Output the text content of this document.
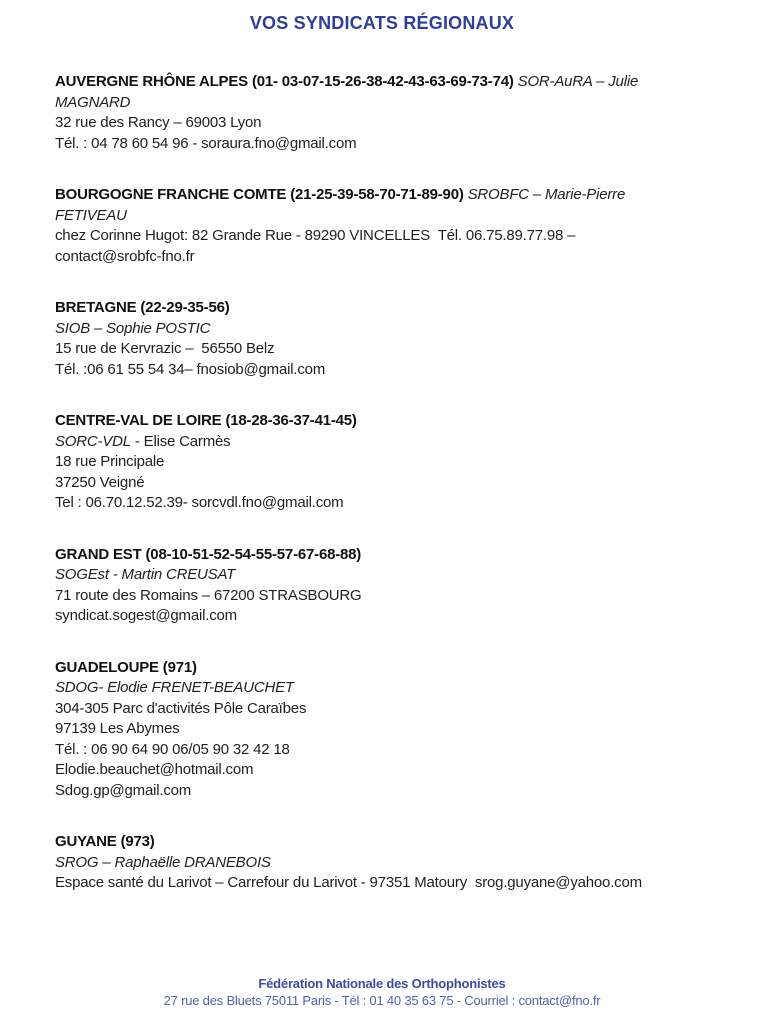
VOS SYNDICATS RÉGIONAUX

AUVERGNE RHÔNE ALPES (01- 03-07-15-26-38-42-43-63-69-73-74) SOR-AuRA – Julie

MAGNARD

32 rue des Rancy – 69003 Lyon

Tél. : 04 78 60 54 96 - soraura.fno@gmail.com

BOURGOGNE FRANCHE COMTE (21-25-39-58-70-71-89-90) SROBFC – Marie-Pierre

FETIVEAU

chez Corinne Hugot: 82 Grande Rue - 89290 VINCELLES  Tél. 06.75.89.77.98 –

contact@srobfc-fno.fr

BRETAGNE (22-29-35-56)

SIOB – Sophie POSTIC

15 rue de Kervrazic –  56550 Belz

Tél. :06 61 55 54 34– fnosiob@gmail.com

CENTRE-VAL DE LOIRE (18-28-36-37-41-45)

SORC-VDL - Elise Carmès

18 rue Principale

37250 Veigné

Tel : 06.70.12.52.39- sorcvdl.fno@gmail.com

GRAND EST (08-10-51-52-54-55-57-67-68-88)

SOGEst - Martin CREUSAT

71 route des Romains – 67200 STRASBOURG

syndicat.sogest@gmail.com

GUADELOUPE (971)

SDOG- Elodie FRENET-BEAUCHET

304-305 Parc d'activités Pôle Caraïbes

97139 Les Abymes

Tél. : 06 90 64 90 06/05 90 32 42 18

Elodie.beauchet@hotmail.com

Sdog.gp@gmail.com

GUYANE (973)

SROG – Raphaëlle DRANEBOIS

Espace santé du Larivot – Carrefour du Larivot - 97351 Matoury  srog.guyane@yahoo.com

Fédération Nationale des Orthophonistes

27 rue des Bluets 75011 Paris - Tél : 01 40 35 63 75 - Courriel : contact@fno.fr
